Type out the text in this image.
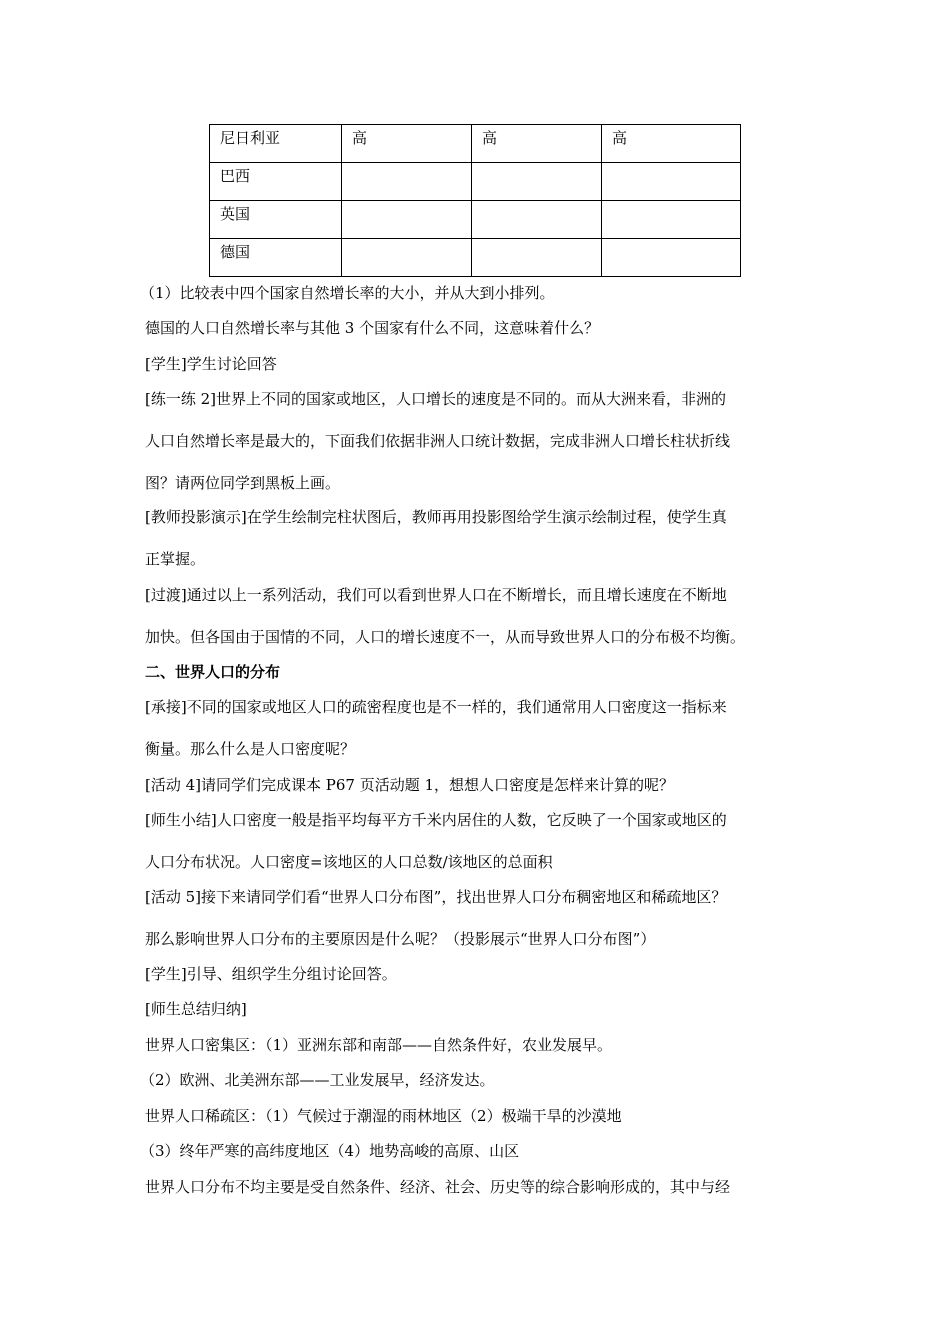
尼日利亚	高	高	高
巴西			
英国			
德国			
（1）比较表中四个国家自然增长率的大小，并从大到小排列。
德国的人口自然增长率与其他 3 个国家有什么不同，这意味着什么？
[学生]学生讨论回答
[练一练 2]世界上不同的国家或地区，人口增长的速度是不同的。而从大洲来看，非洲的
人口自然增长率是最大的，下面我们依据非洲人口统计数据，完成非洲人口增长柱状折线
图？请两位同学到黑板上画。
[教师投影演示]在学生绘制完柱状图后，教师再用投影图给学生演示绘制过程，使学生真
正掌握。
[过渡]通过以上一系列活动，我们可以看到世界人口在不断增长，而且增长速度在不断地
加快。但各国由于国情的不同，人口的增长速度不一，从而导致世界人口的分布极不均衡。
二、世界人口的分布
[承接]不同的国家或地区人口的疏密程度也是不一样的，我们通常用人口密度这一指标来
衡量。那么什么是人口密度呢？
[活动 4]请同学们完成课本 P67 页活动题 1，想想人口密度是怎样来计算的呢？
[师生小结]人口密度一般是指平均每平方千米内居住的人数，它反映了一个国家或地区的
人口分布状况。人口密度=该地区的人口总数/该地区的总面积
[活动 5]接下来请同学们看“世界人口分布图”，找出世界人口分布稠密地区和稀疏地区？
那么影响世界人口分布的主要原因是什么呢？（投影展示“世界人口分布图”）
[学生]引导、组织学生分组讨论回答。
[师生总结归纳]
世界人口密集区：（1）亚洲东部和南部——自然条件好，农业发展早。
（2）欧洲、北美洲东部——工业发展早，经济发达。
世界人口稀疏区：（1）气候过于潮湿的雨林地区（2）极端干旱的沙漠地
（3）终年严寒的高纬度地区（4）地势高峻的高原、山区
世界人口分布不均主要是受自然条件、经济、社会、历史等的综合影响形成的，其中与经
